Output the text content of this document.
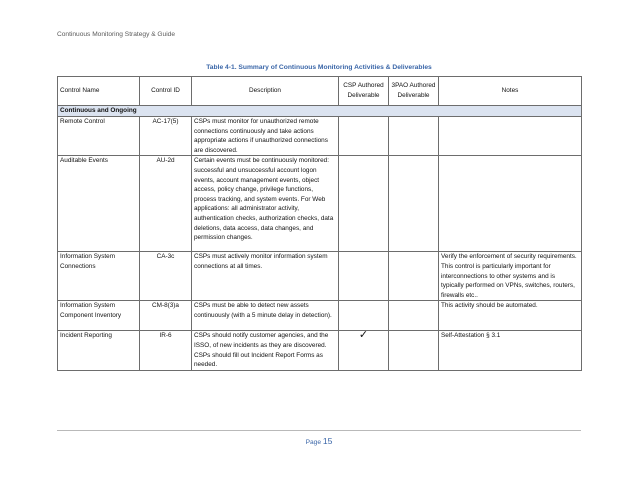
Continuous Monitoring Strategy & Guide
Table 4-1. Summary of Continuous Monitoring Activities & Deliverables
Control Name	Control ID	Description	CSP Authored Deliverable	3PAO Authored Deliverable	Notes
Continuous and Ongoing					
Remote Control	AC-17(5)	CSPs must monitor for unauthorized remote connections continuously and take actions appropriate actions if unauthorized connections are discovered.			
Auditable Events	AU-2d	Certain events must be continuously monitored: successful and unsuccessful account logon events, account management events, object access, policy change, privilege functions, process tracking, and system events. For Web applications: all administrator activity, authentication checks, authorization checks, data deletions, data access, data changes, and permission changes.			
Information System Connections	CA-3c	CSPs must actively monitor information system connections at all times.			Verify the enforcement of security requirements. This control is particularly important for interconnections to other systems and is typically performed on VPNs, switches, routers, firewalls etc..
Information System Component Inventory	CM-8(3)a	CSPs must be able to detect new assets continuously (with a 5 minute delay in detection).			This activity should be automated.
Incident Reporting	IR-6	CSPs should notify customer agencies, and the ISSO, of new incidents as they are discovered. CSPs should fill out Incident Report Forms as needed.	✓		Self-Attestation § 3.1
Page 15
